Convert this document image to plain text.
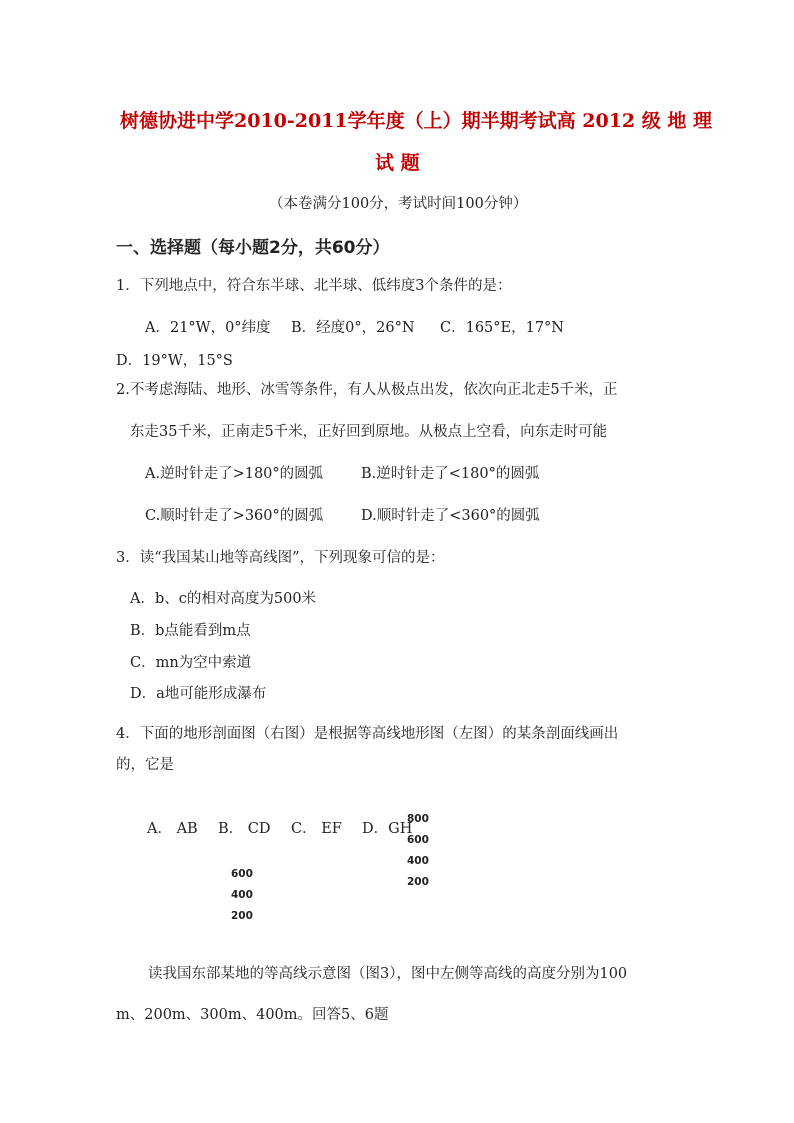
树德协进中学2010-2011学年度（上）期半期考试高 2012 级 地 理
试 题
（本卷满分100分，考试时间100分钟）
一、选择题（每小题2分，共60分）
1．下列地点中，符合东半球、北半球、低纬度3个条件的是：
A．21°W，0°纬度 B．经度0°，26°N C．165°E，17°N
D．19°W，15°S
2.不考虑海陆、地形、冰雪等条件，有人从极点出发，依次向正北走5千米，正
东走35千米，正南走5千米，正好回到原地。从极点上空看，向东走时可能
A.逆时针走了>180°的圆弧	B.逆时针走了<180°的圆弧
C.顺时针走了>360°的圆弧	D.顺时针走了<360°的圆弧
3．读“我国某山地等高线图”，下列现象可信的是：
A．b、c的相对高度为500米
B．b点能看到m点
C．mn为空中索道
D．a地可能形成瀑布
4．下面的地形剖面图（右图）是根据等高线地形图（左图）的某条剖面线画出
的，它是
A． AB B． CD C． EF D．GH
800
600
400
200
600
400
200
读我国东部某地的等高线示意图（图3），图中左侧等高线的高度分别为100
m、200m、300m、400m。回答5、6题
